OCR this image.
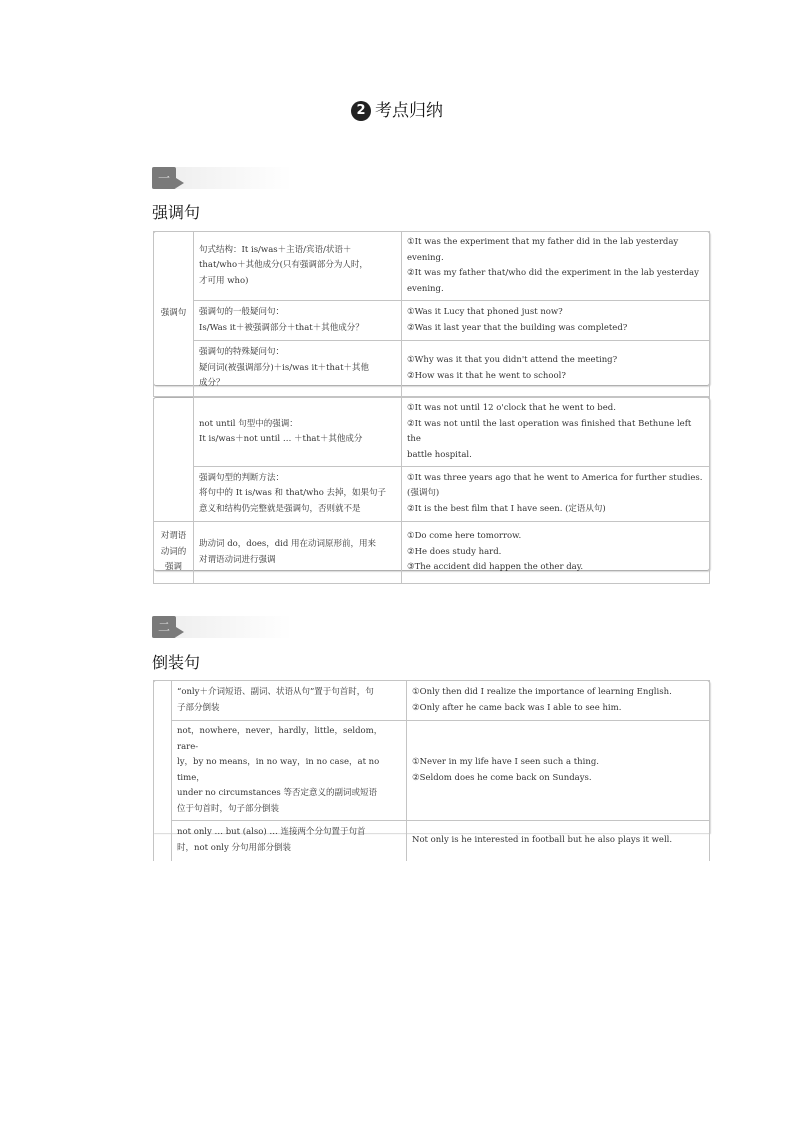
2 考点归纳
一
强调句
强调句	句式结构：It is/was＋主语/宾语/状语＋
that/who＋其他成分(只有强调部分为人时，
才可用 who)	①It was the experiment that my father did in the lab yesterday evening.
②It was my father that/who did the experiment in the lab yesterday
evening.

	强调句的一般疑问句：
Is/Was it＋被强调部分＋that＋其他成分？	①Was it Lucy that phoned just now?
②Was it last year that the building was completed?

	强调句的特殊疑问句：
疑问词(被强调部分)＋is/was it＋that＋其他
成分？	①Why was it that you didn't attend the meeting?
②How was it that he went to school?

	not until 句型中的强调：
It is/was＋not until … ＋that＋其他成分	①It was not until 12 o'clock that he went to bed.
②It was not until the last operation was finished that Bethune left the
battle hospital.

	强调句型的判断方法：
将句中的 It is/was 和 that/who 去掉，如果句子
意义和结构仍完整就是强调句，否则就不是	①It was three years ago that he went to America for further studies.
(强调句)
②It is the best film that I have seen. (定语从句)

对谓语
动词的
强调	助动词 do，does，did 用在动词原形前，用来
对谓语动词进行强调	①Do come here tomorrow.
②He does study hard.
③The accident did happen the other day.
二
倒装句

	“only＋介词短语、副词、状语从句”置于句首时，句
子部分倒装	①Only then did I realize the importance of learning English.
②Only after he came back was I able to see him.

	not，nowhere，never，hardly，little，seldom，rare-
ly，by no means，in no way，in no case，at no time，
under no circumstances 等否定意义的副词或短语
位于句首时，句子部分倒装	①Never in my life have I seen such a thing.
②Seldom does he come back on Sundays.

	not only … but (also) … 连接两个分句置于句首
时，not only 分句用部分倒装	Not only is he interested in football but he also plays it well.
